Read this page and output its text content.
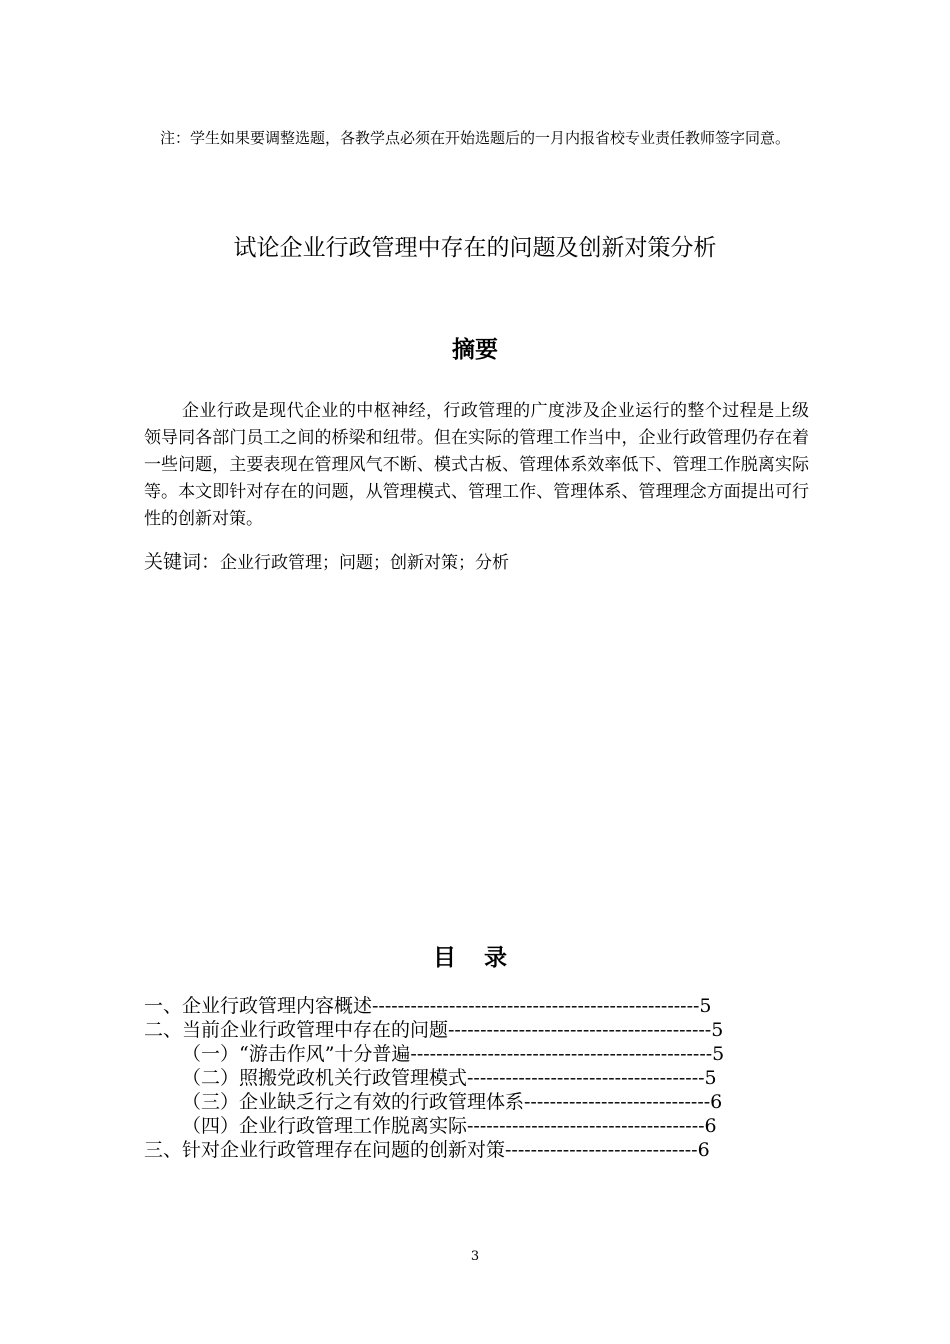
注：学生如果要调整选题，各教学点必须在开始选题后的一月内报省校专业责任教师签字同意。
试论企业行政管理中存在的问题及创新对策分析
摘要
企业行政是现代企业的中枢神经，行政管理的广度涉及企业运行的整个过程是上级领导同各部门员工之间的桥梁和纽带。但在实际的管理工作当中，企业行政管理仍存在着一些问题，主要表现在管理风气不断、模式古板、管理体系效率低下、管理工作脱离实际等。本文即针对存在的问题，从管理模式、管理工作、管理体系、管理理念方面提出可行性的创新对策。
关键词：企业行政管理；问题；创新对策；分析
目 录
一、企业行政管理内容概述---------------------------------------------------5
二、当前企业行政管理中存在的问题-----------------------------------------5
（一）“游击作风”十分普遍-----------------------------------------------5
（二）照搬党政机关行政管理模式-------------------------------------5
（三）企业缺乏行之有效的行政管理体系-----------------------------6
（四）企业行政管理工作脱离实际-------------------------------------6
三、针对企业行政管理存在问题的创新对策------------------------------6
3
